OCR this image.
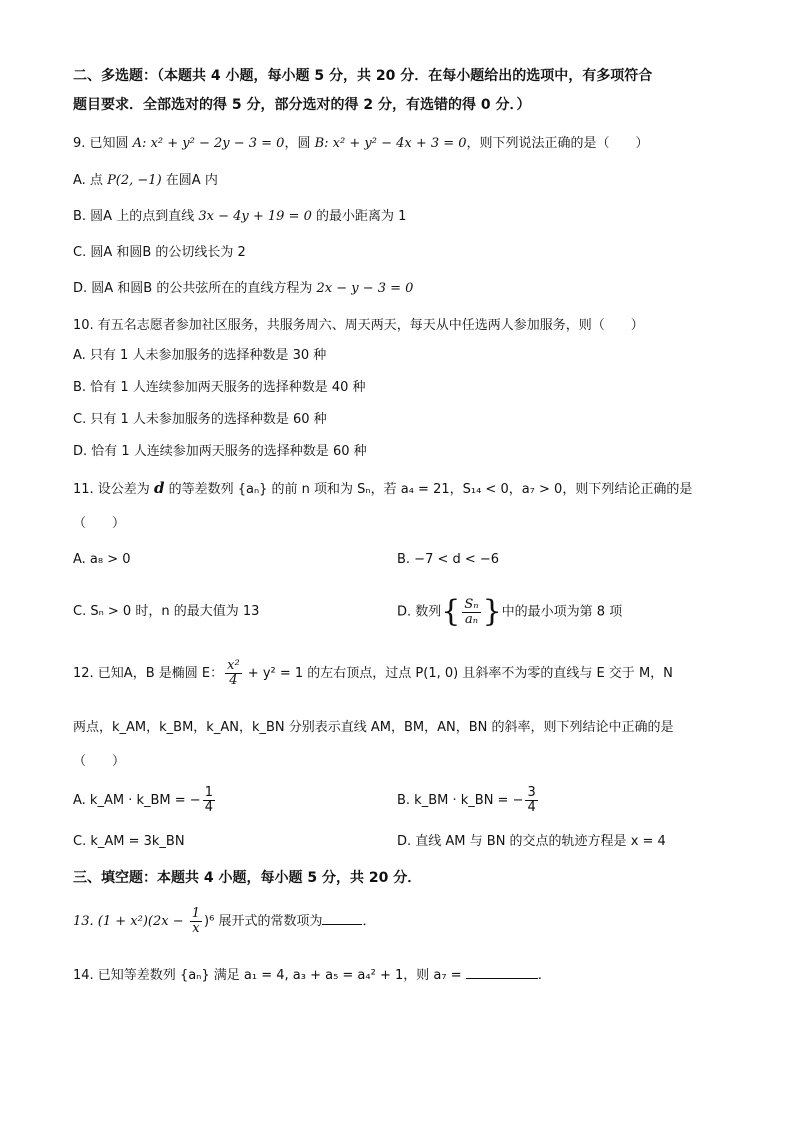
二、多选题：（本题共 4 小题，每小题 5 分，共 20 分．在每小题给出的选项中，有多项符合
题目要求．全部选对的得 5 分，部分选对的得 2 分，有选错的得 0 分．）
9. 已知圆 A: x² + y² − 2y − 3 = 0，圆 B: x² + y² − 4x + 3 = 0，则下列说法正确的是（　　）
A. 点 P(2, −1) 在圆A 内
B. 圆A 上的点到直线 3x − 4y + 19 = 0 的最小距离为 1
C. 圆A 和圆B 的公切线长为 2
D. 圆A 和圆B 的公共弦所在的直线方程为 2x − y − 3 = 0
10. 有五名志愿者参加社区服务，共服务周六、周天两天，每天从中任选两人参加服务，则（　　）
A. 只有 1 人未参加服务的选择种数是 30 种
B. 恰有 1 人连续参加两天服务的选择种数是 40 种
C. 只有 1 人未参加服务的选择种数是 60 种
D. 恰有 1 人连续参加两天服务的选择种数是 60 种
11. 设公差为 d 的等差数列 {aₙ} 的前 n 项和为 Sₙ，若 a₄ = 21，S₁₄ < 0，a₇ > 0，则下列结论正确的是
（　　）
A. a₈ > 0	B. −7 < d < −6
C. Sₙ > 0 时，n 的最大值为 13	D. 数列{ $\frac{\text{Sₙ}}{\text{aₙ}}$ }中的最小项为第 8 项
12. 已知A，B 是椭圆 E： $\frac{\text{x²}}{4} + y^2 = 1$ 的左右顶点，过点 P(1, 0) 且斜率不为零的直线与 E 交于 M，N
两点，k_AM，k_BM，k_AN，k_BN 分别表示直线 AM，BM，AN，BN 的斜率，则下列结论中正确的是
（　　）
A. k_AM · k_BM = − $\frac{1}{4}$	B. k_BM · k_BN = − $\frac{3}{4}$
C. k_AM = 3k_BN	D. 直线 AM 与 BN 的交点的轨迹方程是 x = 4
三、填空题：本题共 4 小题，每小题 5 分，共 20 分．
13. $(1 + x^2)(2x - \frac{1}{x} )^6$ 展开式的常数项为	．
14. 已知等差数列 {aₙ} 满足 a₁ = 4, a₃ + a₅ = a₄² + 1，则 a₇ =	.
